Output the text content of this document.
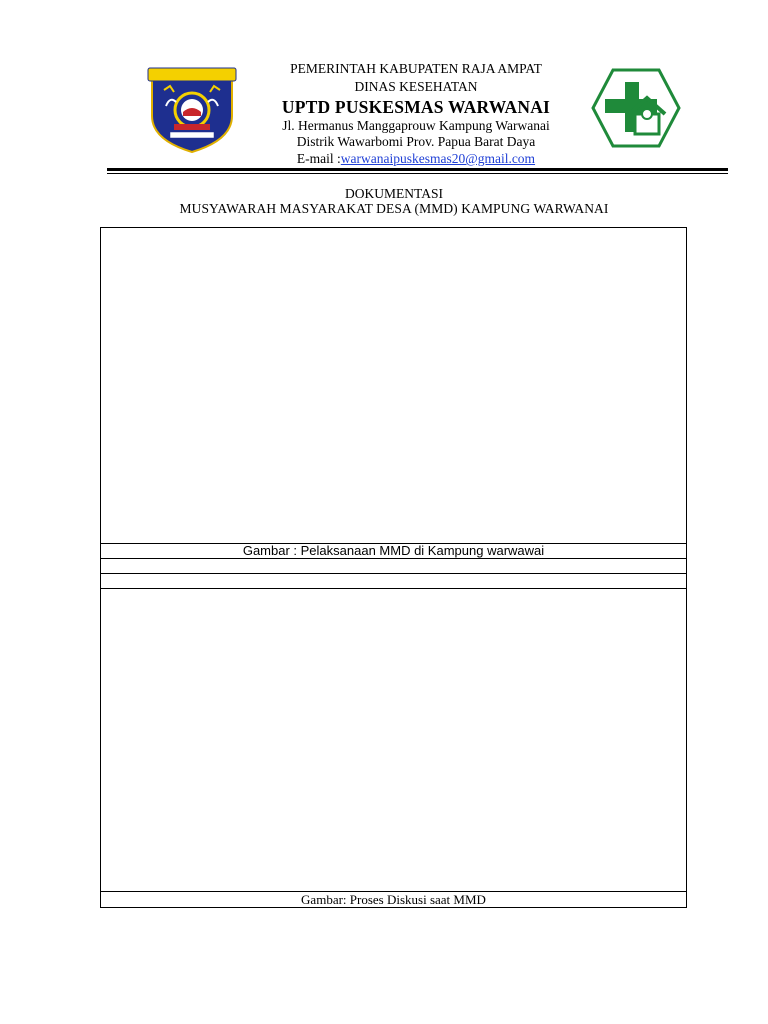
PEMERINTAH KABUPATEN RAJA AMPAT
DINAS KESEHATAN
UPTD PUSKESMAS WARWANAI
Jl. Hermanus Manggaprouw Kampung Warwanai
Distrik Wawarbomi Prov. Papua Barat Daya
E-mail :warwanaipuskesmas20@gmail.com
DOKUMENTASI
MUSYAWARAH MASYARAKAT DESA (MMD) KAMPUNG WARWANAI
Gambar : Pelaksanaan MMD di Kampung warwawai
Gambar: Proses Diskusi saat MMD
